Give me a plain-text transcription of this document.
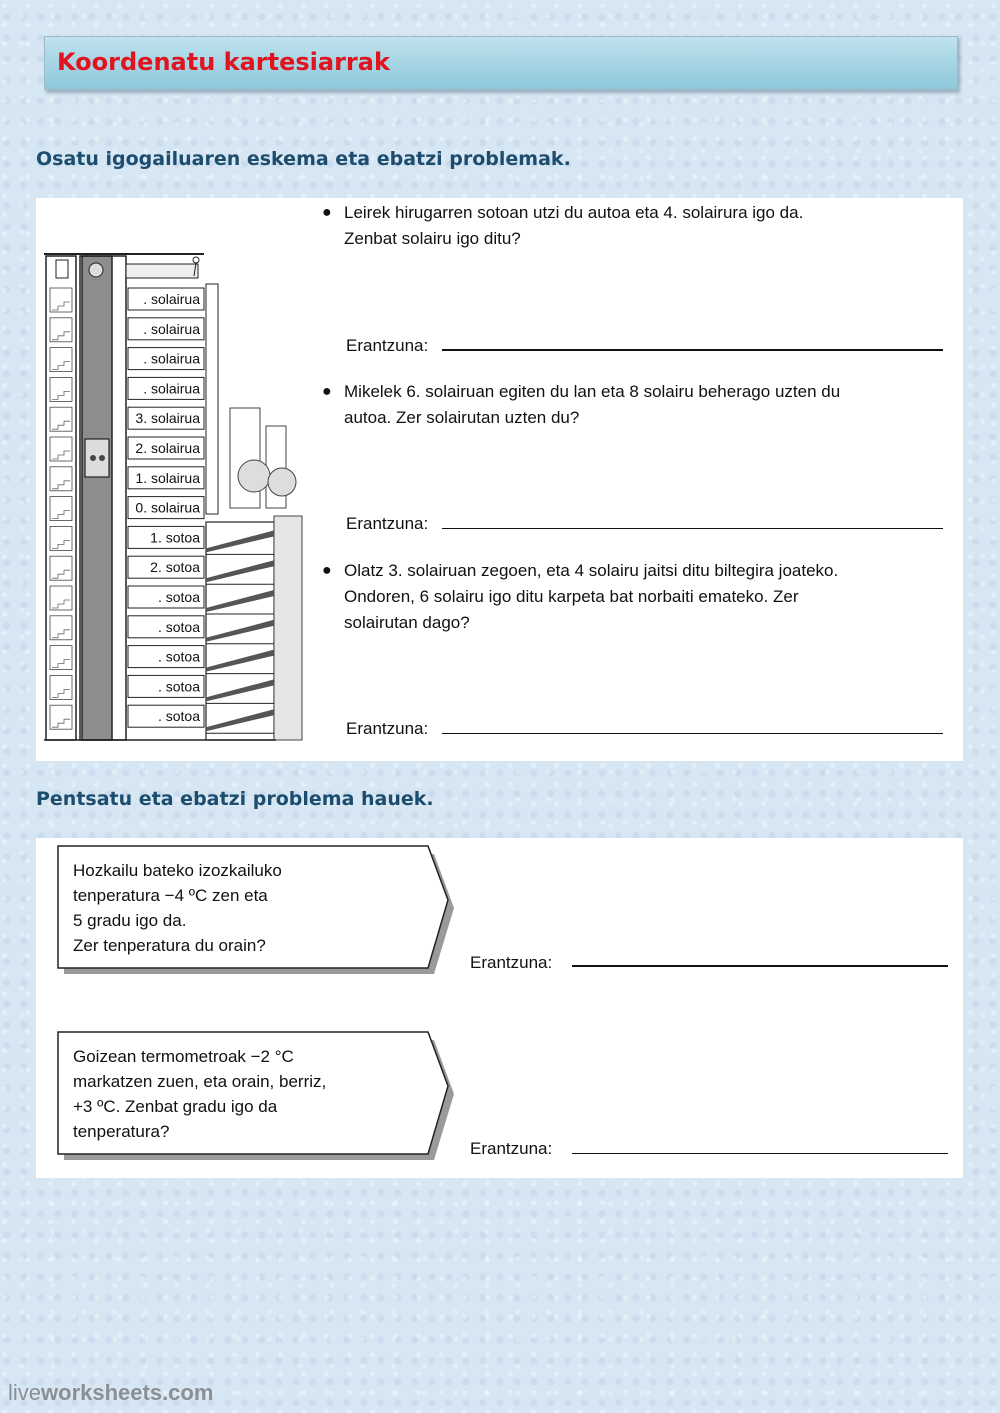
Koordenatu kartesiarrak
Osatu igogailuaren eskema eta ebatzi problemak.
. solairua
. solairua
. solairua
. solairua
3. solairua
2. solairua
1. solairua
0. solairua
1. sotoa
2. sotoa
. sotoa
. sotoa
. sotoa
. sotoa
. sotoa
● Leirek hirugarren sotoan utzi du autoa eta 4. solairura igo da.
Zenbat solairu igo ditu?
Erantzuna:
● Mikelek 6. solairuan egiten du lan eta 8 solairu beherago uzten du
autoa. Zer solairutan uzten du?
Erantzuna:
● Olatz 3. solairuan zegoen, eta 4 solairu jaitsi ditu biltegira joateko.
Ondoren, 6 solairu igo ditu karpeta bat norbaiti emateko. Zer
solairutan dago?
Erantzuna:
Pentsatu eta ebatzi problema hauek.
Hozkailu bateko izozkailuko
tenperatura −4 ºC zen eta
5 gradu igo da.
Zer tenperatura du orain?
Erantzuna:
Goizean termometroak −2 °C
markatzen zuen, eta orain, berriz,
+3 ºC. Zenbat gradu igo da
tenperatura?
Erantzuna:
liveworksheets.com
